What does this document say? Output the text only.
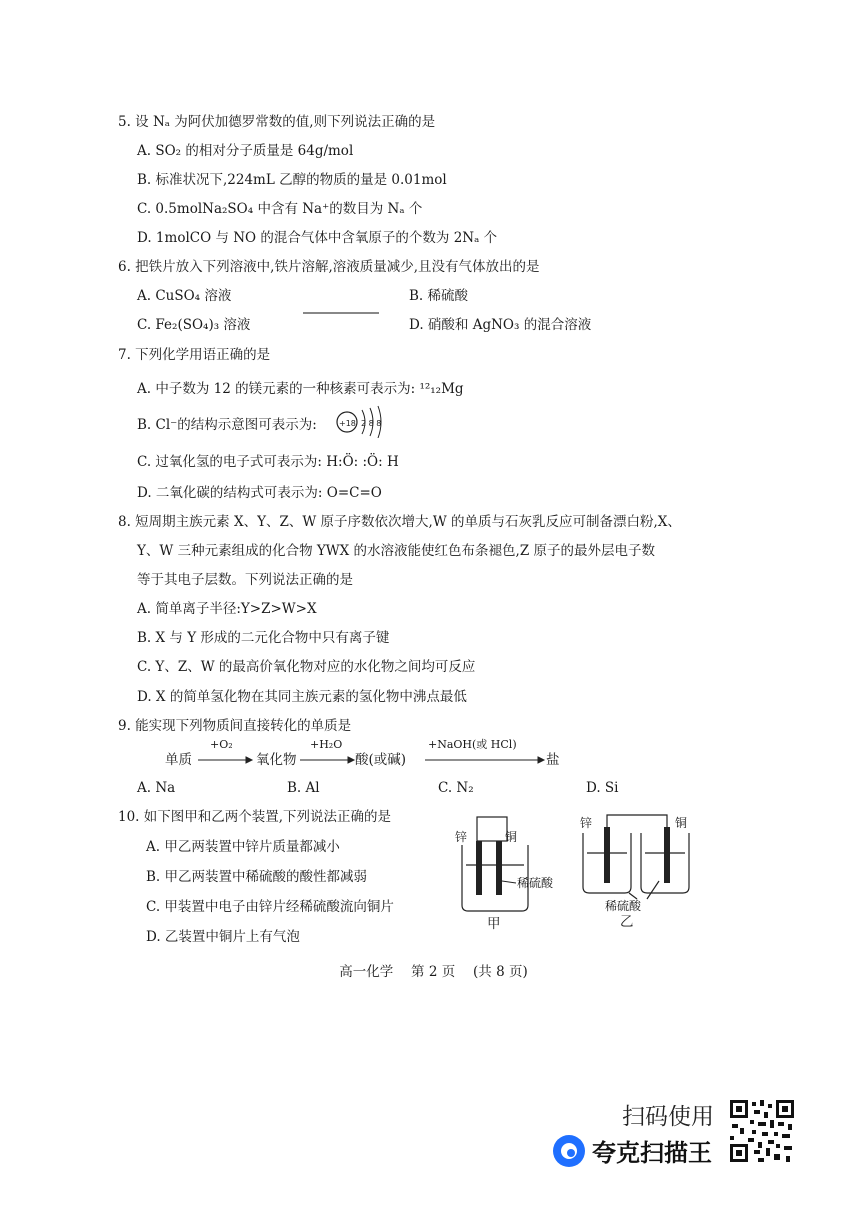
5. 设 Nₐ 为阿伏加德罗常数的值,则下列说法正确的是
A. SO₂ 的相对分子质量是 64g/mol
B. 标准状况下,224mL 乙醇的物质的量是 0.01mol
C. 0.5molNa₂SO₄ 中含有 Na⁺的数目为 Nₐ 个
D. 1molCO 与 NO 的混合气体中含氧原子的个数为 2Nₐ 个
6. 把铁片放入下列溶液中,铁片溶解,溶液质量减少,且没有气体放出的是
A. CuSO₄ 溶液	B. 稀硫酸
C. Fe₂(SO₄)₃ 溶液	D. 硝酸和 AgNO₃ 的混合溶液
7. 下列化学用语正确的是
A. 中子数为 12 的镁元素的一种核素可表示为: ¹²₁₂Mg
B. Cl⁻的结构示意图可表示为:	+18 2 8 8
C. 过氧化氢的电子式可表示为: H:Ö: :Ö: H
D. 二氧化碳的结构式可表示为: O=C=O
8. 短周期主族元素 X、Y、Z、W 原子序数依次增大,W 的单质与石灰乳反应可制备漂白粉,X、
Y、W 三种元素组成的化合物 YWX 的水溶液能使红色布条褪色,Z 原子的最外层电子数
等于其电子层数。下列说法正确的是
A. 简单离子半径:Y>Z>W>X
B. X 与 Y 形成的二元化合物中只有离子键
C. Y、Z、W 的最高价氧化物对应的水化物之间均可反应
D. X 的简单氢化物在其同主族元素的氢化物中沸点最低
9. 能实现下列物质间直接转化的单质是
单质
+O₂
氧化物
+H₂O
酸(或碱)
+NaOH(或 HCl)
盐
A. Na	B. Al	C. N₂	D. Si
10. 如下图甲和乙两个装置,下列说法正确的是
A. 甲乙两装置中锌片质量都减小
B. 甲乙两装置中稀硫酸的酸性都减弱
C. 甲装置中电子由锌片经稀硫酸流向铜片
D. 乙装置中铜片上有气泡
锌	铜
稀硫酸
甲
锌	铜
稀硫酸
乙
高一化学　 第 2 页　 (共 8 页)
扫码使用
夸克扫描王
